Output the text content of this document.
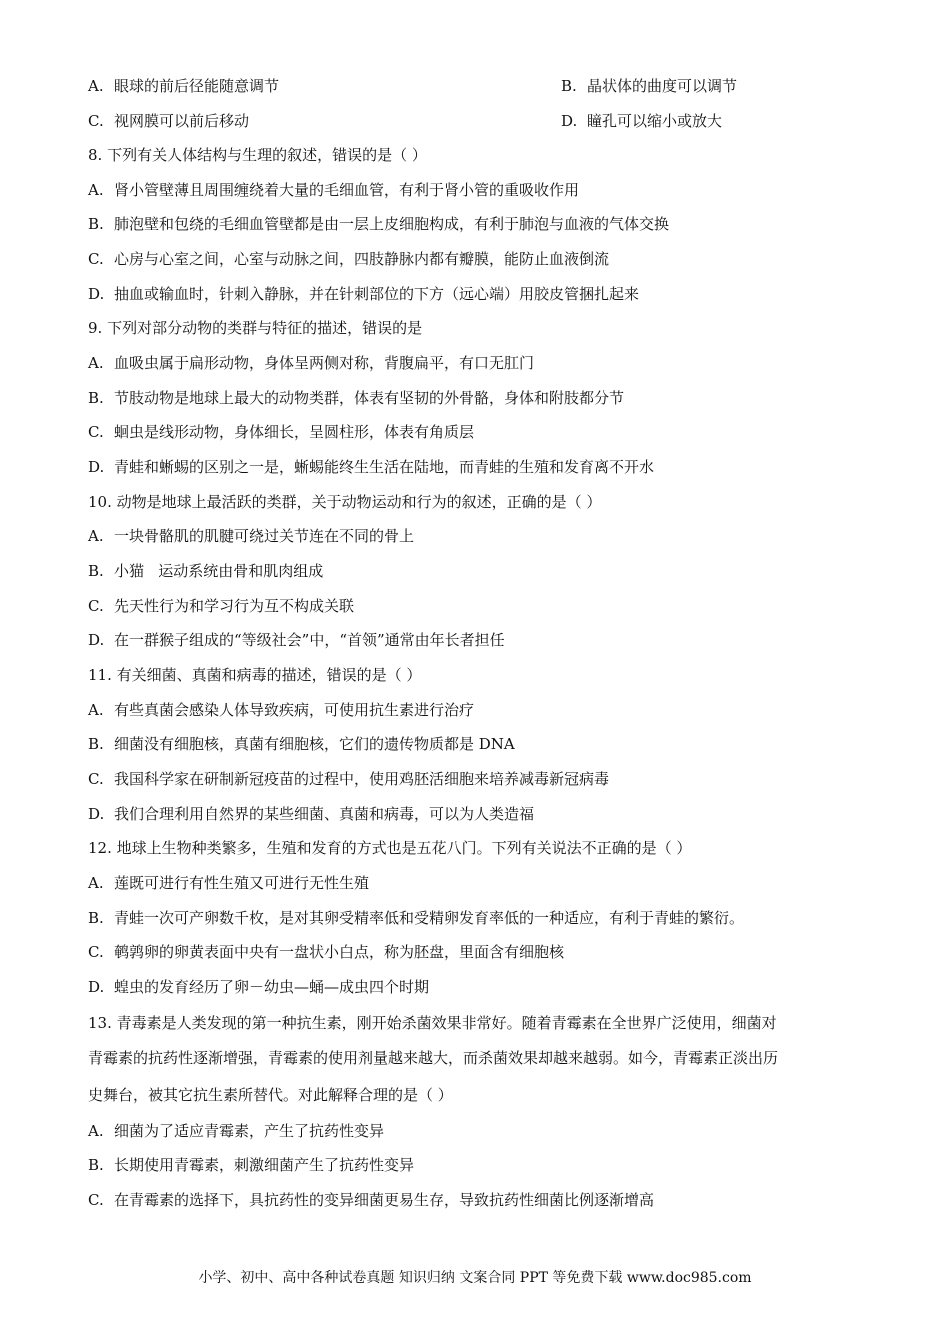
A. 眼球的前后径能随意调节	B. 晶状体的曲度可以调节
C. 视网膜可以前后移动	D. 瞳孔可以缩小或放大
8. 下列有关人体结构与生理的叙述，错误的是（ ）
A. 肾小管壁薄且周围缠绕着大量的毛细血管，有利于肾小管的重吸收作用
B. 肺泡壁和包绕的毛细血管壁都是由一层上皮细胞构成，有利于肺泡与血液的气体交换
C. 心房与心室之间，心室与动脉之间，四肢静脉内都有瓣膜，能防止血液倒流
D. 抽血或输血时，针刺入静脉，并在针刺部位的下方（远心端）用胶皮管捆扎起来
9. 下列对部分动物的类群与特征的描述，错误的是
A. 血吸虫属于扁形动物，身体呈两侧对称，背腹扁平，有口无肛门
B. 节肢动物是地球上最大的动物类群，体表有坚韧的外骨骼，身体和附肢都分节
C. 蛔虫是线形动物，身体细长，呈圆柱形，体表有角质层
D. 青蛙和蜥蜴的区别之一是，蜥蜴能终生生活在陆地，而青蛙的生殖和发育离不开水
10. 动物是地球上最活跃的类群，关于动物运动和行为的叙述，正确的是（ ）
A. 一块骨骼肌的肌腱可绕过关节连在不同的骨上
B. 小猫   运动系统由骨和肌肉组成
C. 先天性行为和学习行为互不构成关联
D. 在一群猴子组成的“等级社会”中，“首领”通常由年长者担任
11. 有关细菌、真菌和病毒的描述，错误的是（ ）
A. 有些真菌会感染人体导致疾病，可使用抗生素进行治疗
B. 细菌没有细胞核，真菌有细胞核，它们的遗传物质都是 DNA
C. 我国科学家在研制新冠疫苗的过程中，使用鸡胚活细胞来培养减毒新冠病毒
D. 我们合理利用自然界的某些细菌、真菌和病毒，可以为人类造福
12. 地球上生物种类繁多，生殖和发育的方式也是五花八门。下列有关说法不正确的是（ ）
A. 莲既可进行有性生殖又可进行无性生殖
B. 青蛙一次可产卵数千枚，是对其卵受精率低和受精卵发育率低的一种适应，有利于青蛙的繁衍。
C. 鹌鹑卵的卵黄表面中央有一盘状小白点，称为胚盘，里面含有细胞核
D. 蝗虫的发育经历了卵－幼虫—蛹—成虫四个时期
13. 青毒素是人类发现的第一种抗生素，刚开始杀菌效果非常好。随着青霉素在全世界广泛使用，细菌对
青霉素的抗药性逐渐增强，青霉素的使用剂量越来越大，而杀菌效果却越来越弱。如今，青霉素正淡出历
史舞台，被其它抗生素所替代。对此解释合理的是（ ）
A. 细菌为了适应青霉素，产生了抗药性变异
B. 长期使用青霉素，刺激细菌产生了抗药性变异
C. 在青霉素的选择下，具抗药性的变异细菌更易生存，导致抗药性细菌比例逐渐增高
小学、初中、高中各种试卷真题 知识归纳 文案合同 PPT 等免费下载 www.doc985.com
